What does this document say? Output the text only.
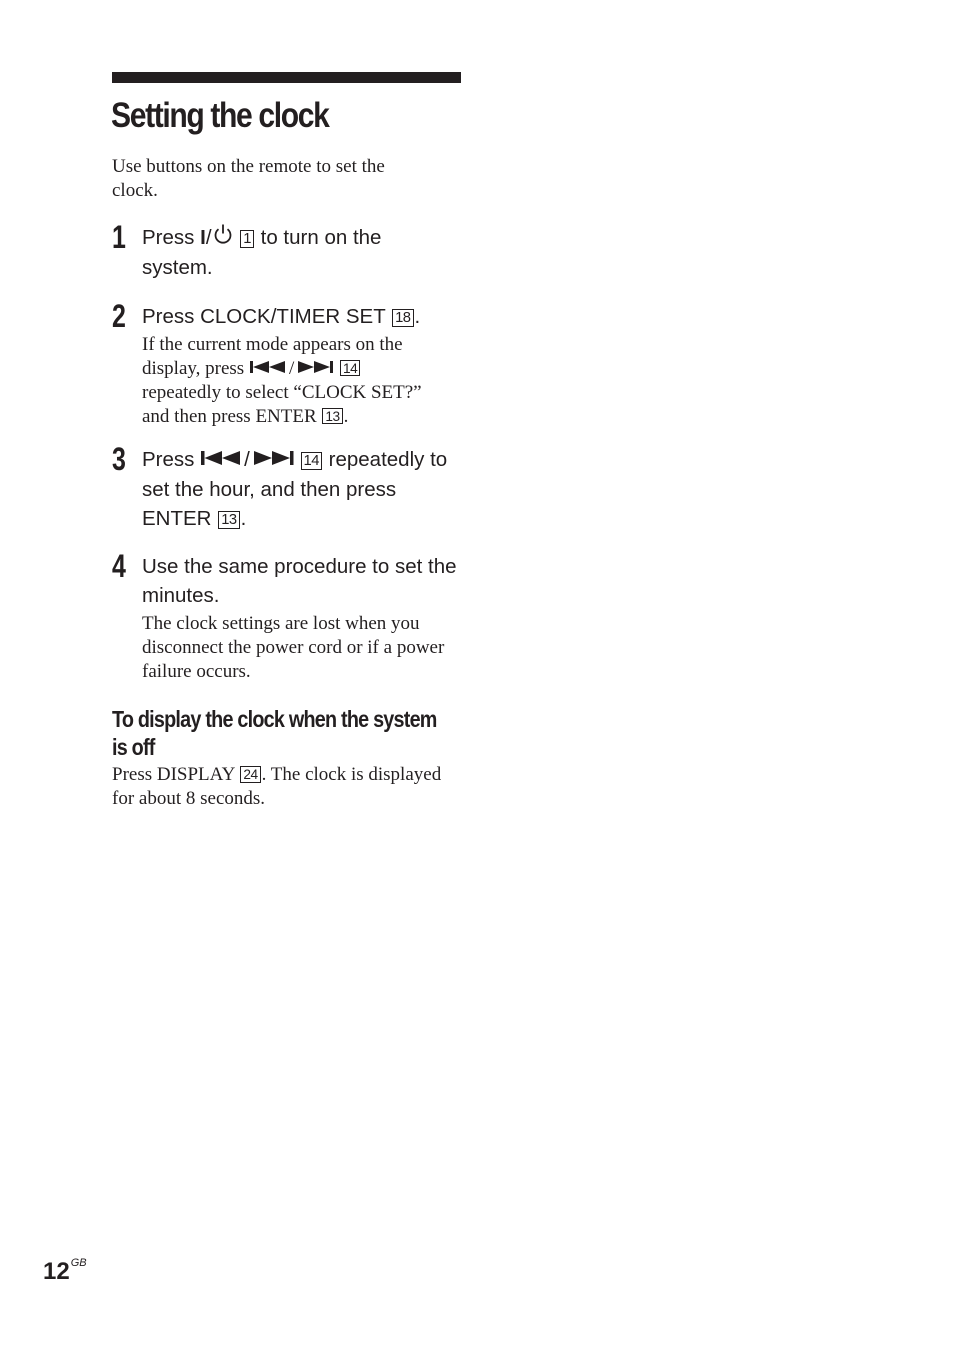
Setting the clock

Use buttons on the remote to set the clock.

1 Press I/ 1 to turn on the system.

2 Press CLOCK/TIMER SET 18 .

If the current mode appears on the display, press /	14 repeatedly to select “CLOCK SET?” and then press ENTER 13 .

3 Press /	14 repeatedly to set the hour, and then press ENTER 13 .

4 Use the same procedure to set the minutes.

The clock settings are lost when you disconnect the power cord or if a power failure occurs.

To display the clock when the system is off

Press DISPLAY 24 . The clock is displayed for about 8 seconds.

$12^{GB}$
